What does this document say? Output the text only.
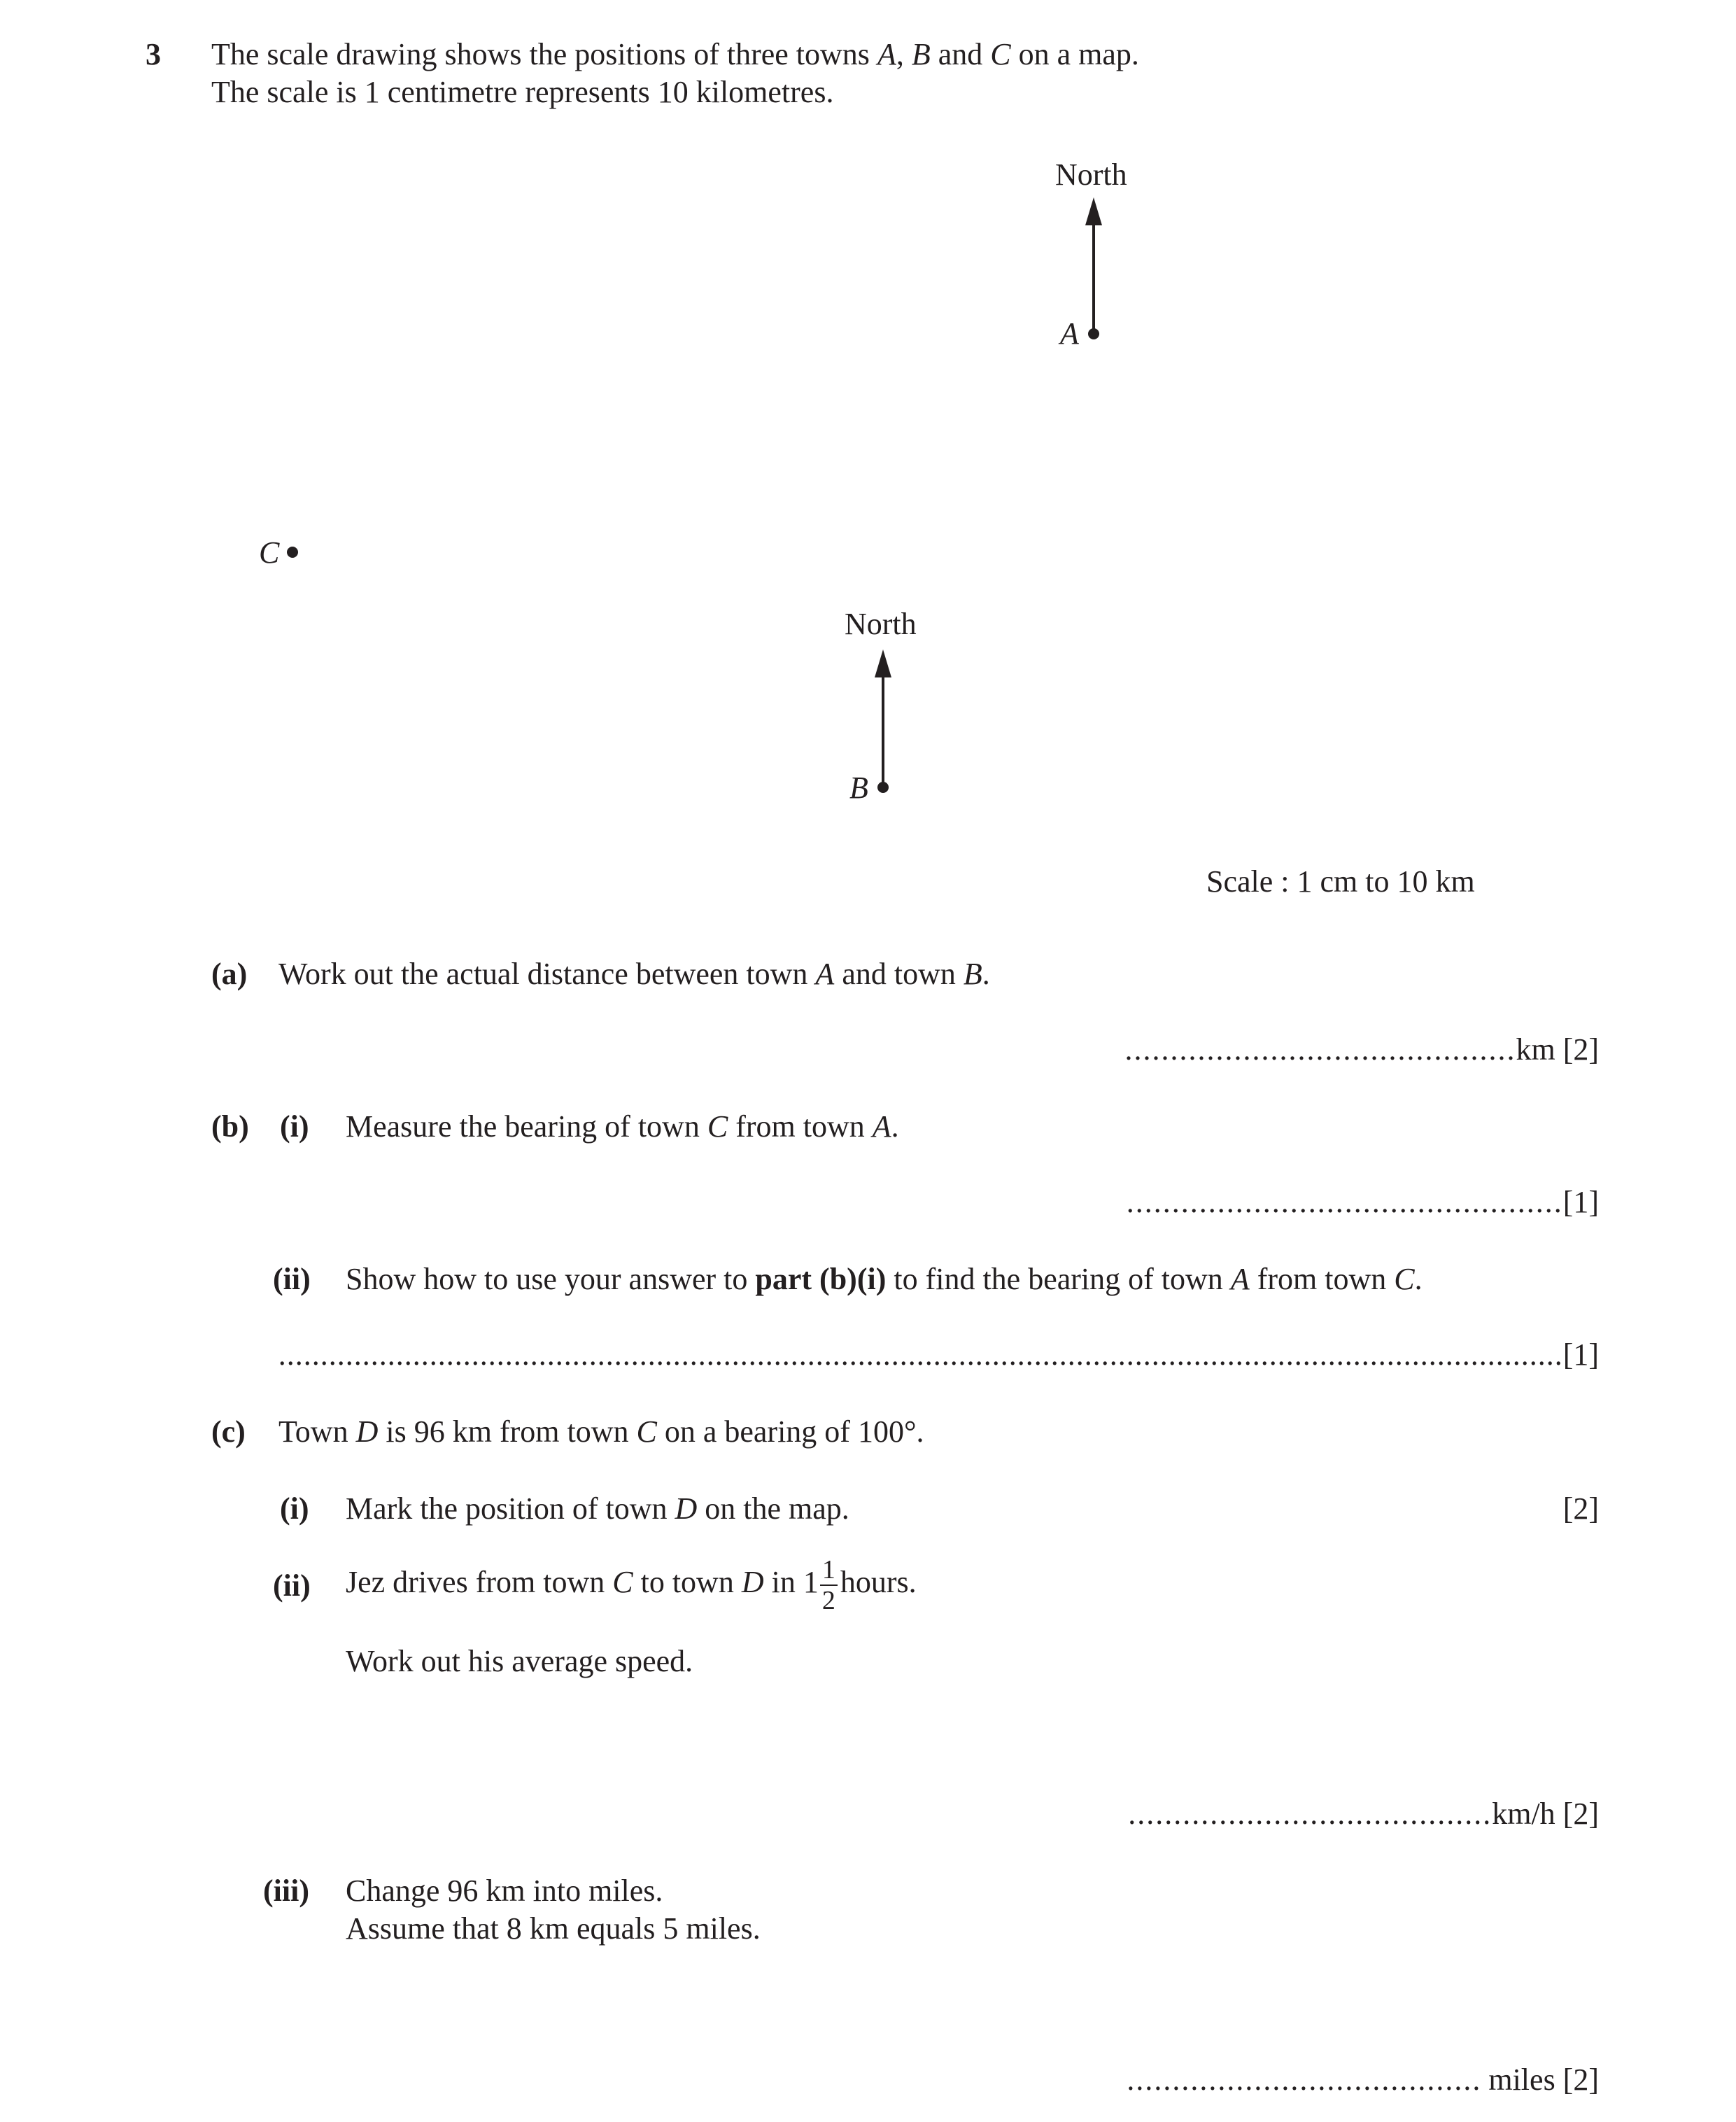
3 The scale drawing shows the positions of three towns A, B and C on a map.
The scale is 1 centimetre represents 10 kilometres.
North
A
C
North
B
Scale : 1 cm to 10 km
(a) Work out the actual distance between town A and town B.
...........................................km [2]
(b) (i) Measure the bearing of town C from town A.
................................................[1]
(ii) Show how to use your answer to part (b)(i) to find the bearing of town A from town C.
.........................................................................................................................................................[1]
(c) Town D is 96 km from town C on a bearing of 100°.
(i) Mark the position of town D on the map.	[2]
(ii) Jez drives from town C to town D in $1 \frac{1}{2}$ hours.
Work out his average speed.
........................................km/h [2]
(iii) Change 96 km into miles.
Assume that 8 km equals 5 miles.
....................................... miles [2]
